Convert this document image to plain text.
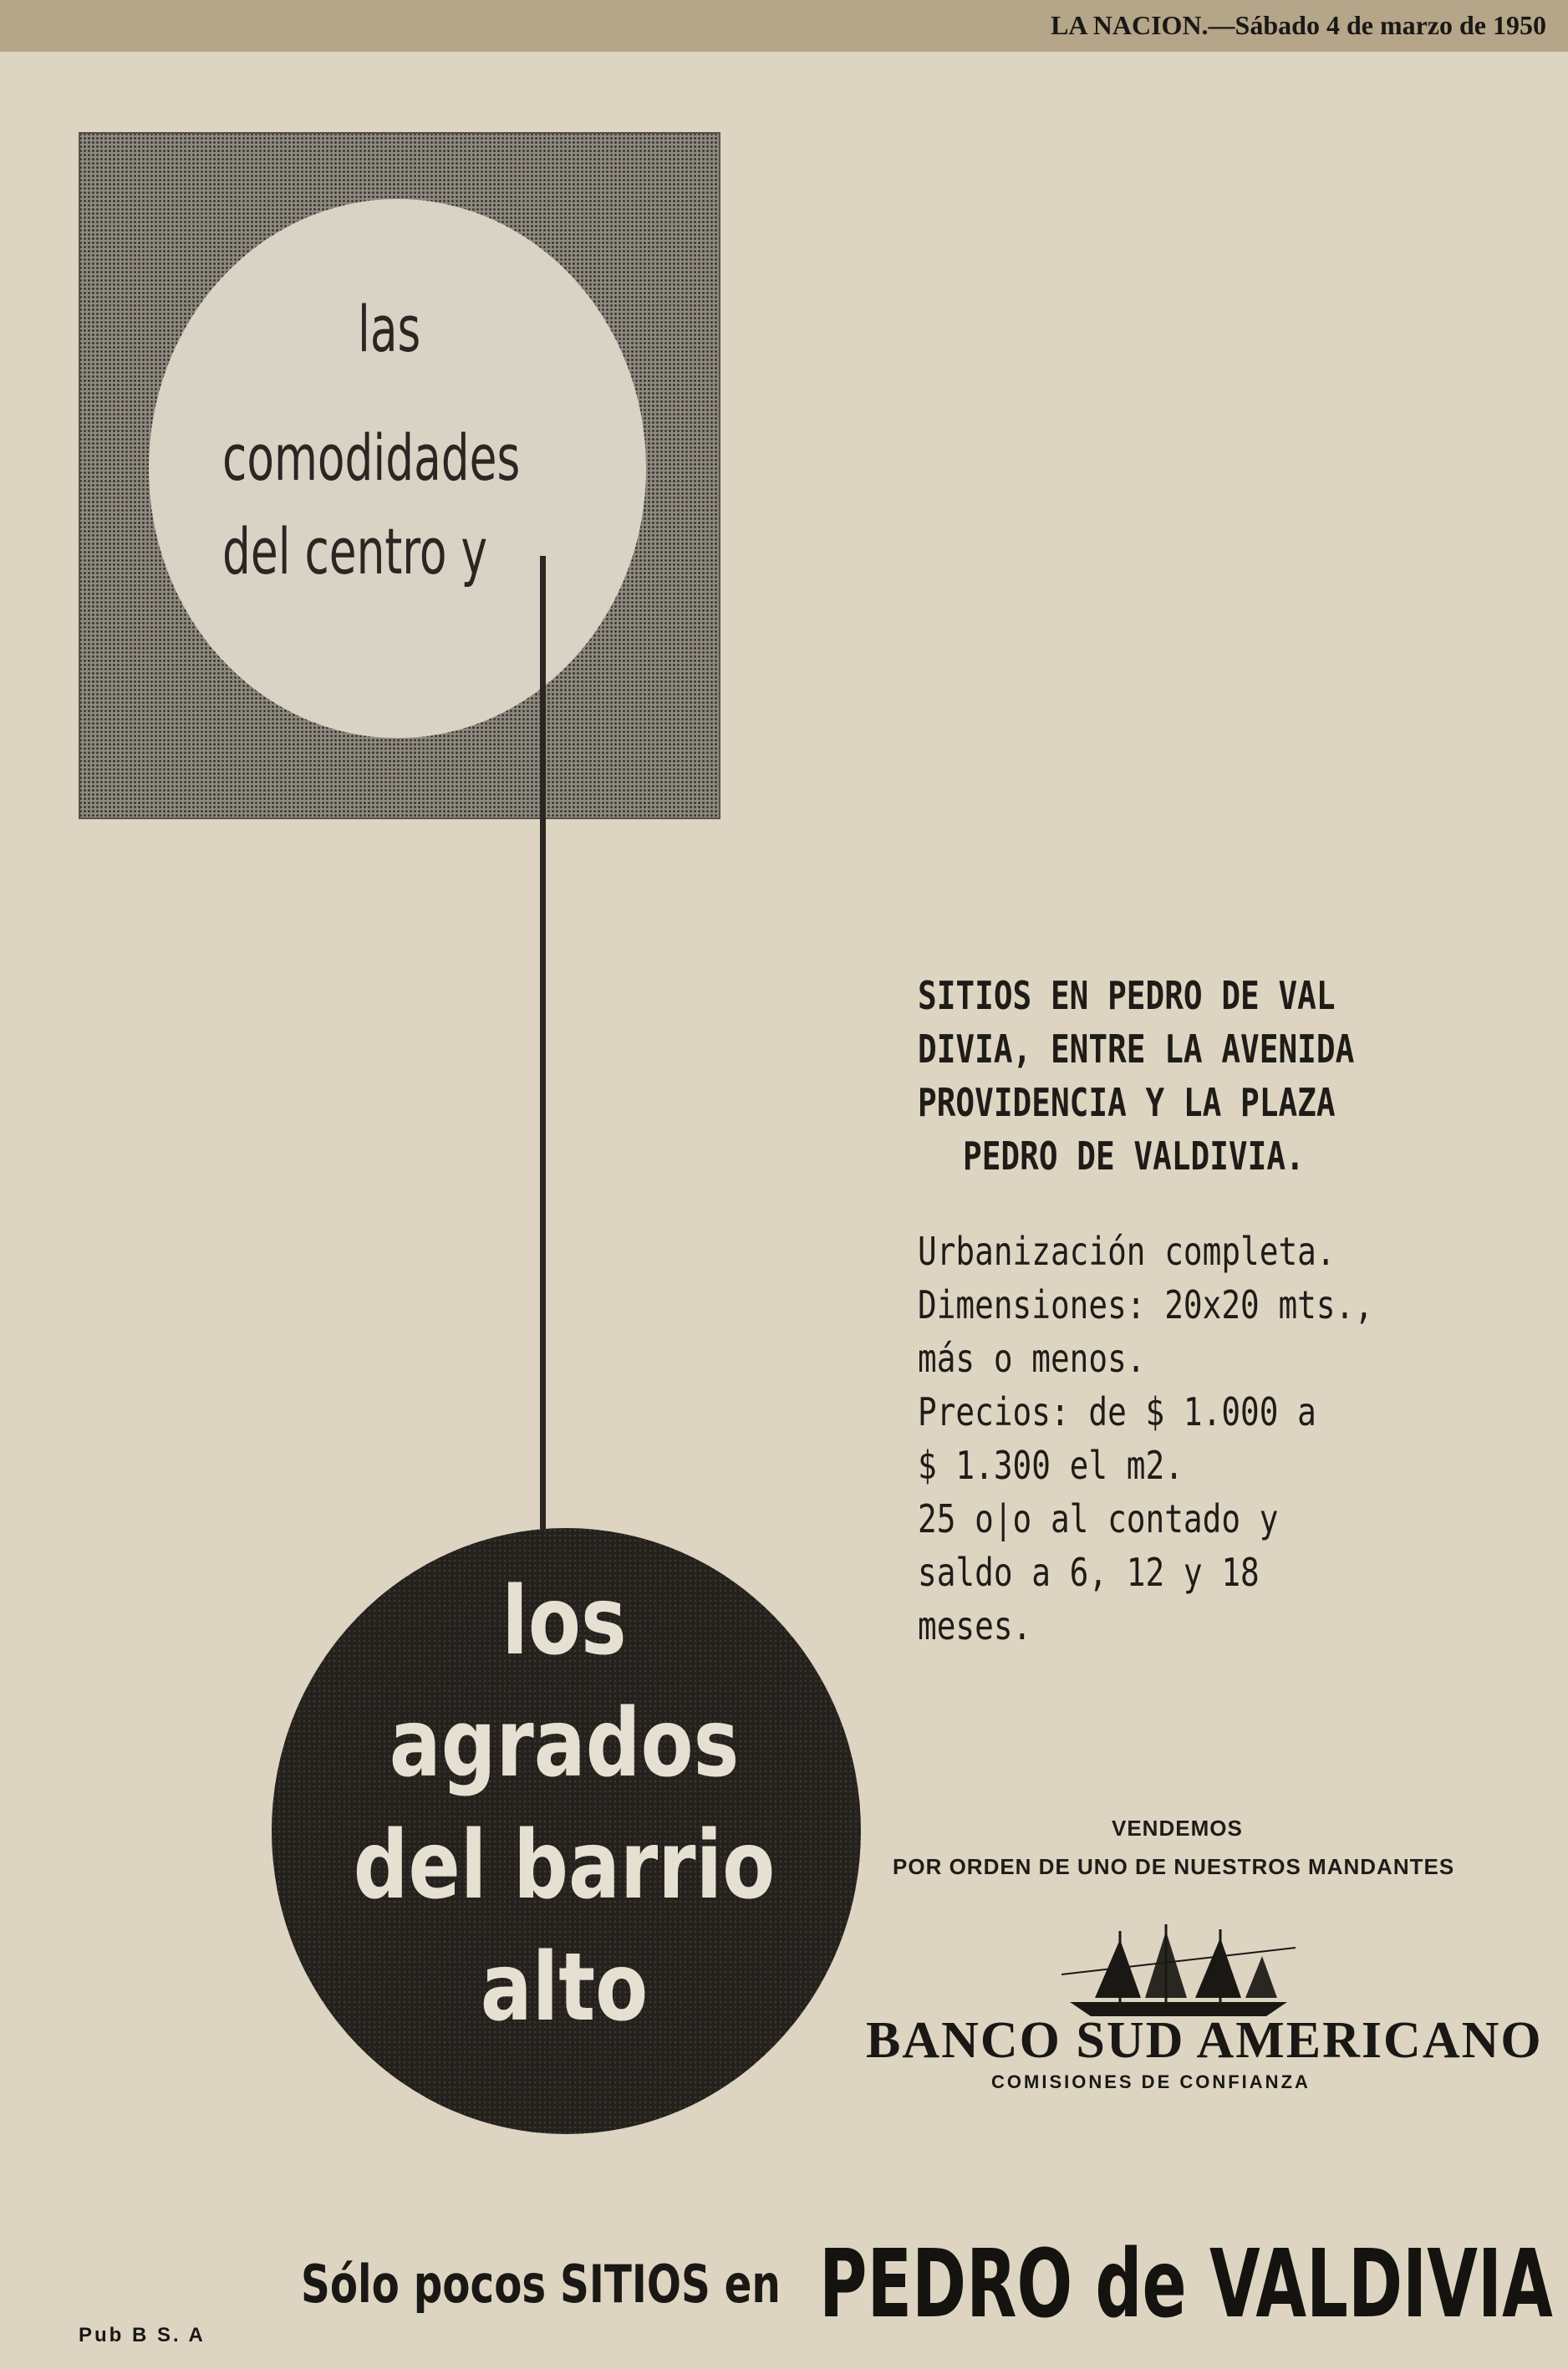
LA NACION.—Sábado 4 de marzo de 1950
las
comodidades
del centro y
los
agrados
del barrio
alto
SITIOS EN PEDRO DE VAL
DIVIA, ENTRE LA AVENIDA
PROVIDENCIA Y LA PLAZA
PEDRO DE VALDIVIA.
Urbanización completa.
Dimensiones: 20x20 mts.,
más o menos.
Precios: de $ 1.000 a
$ 1.300 el m2.
25 o|o al contado y
saldo a 6, 12 y 18
meses.
VENDEMOS
POR ORDEN DE UNO DE NUESTROS MANDANTES
BANCO SUD AMERICANO
COMISIONES DE CONFIANZA
Sólo pocos SITIOS en PEDRO de VALDIVIA
Pub B S. A
